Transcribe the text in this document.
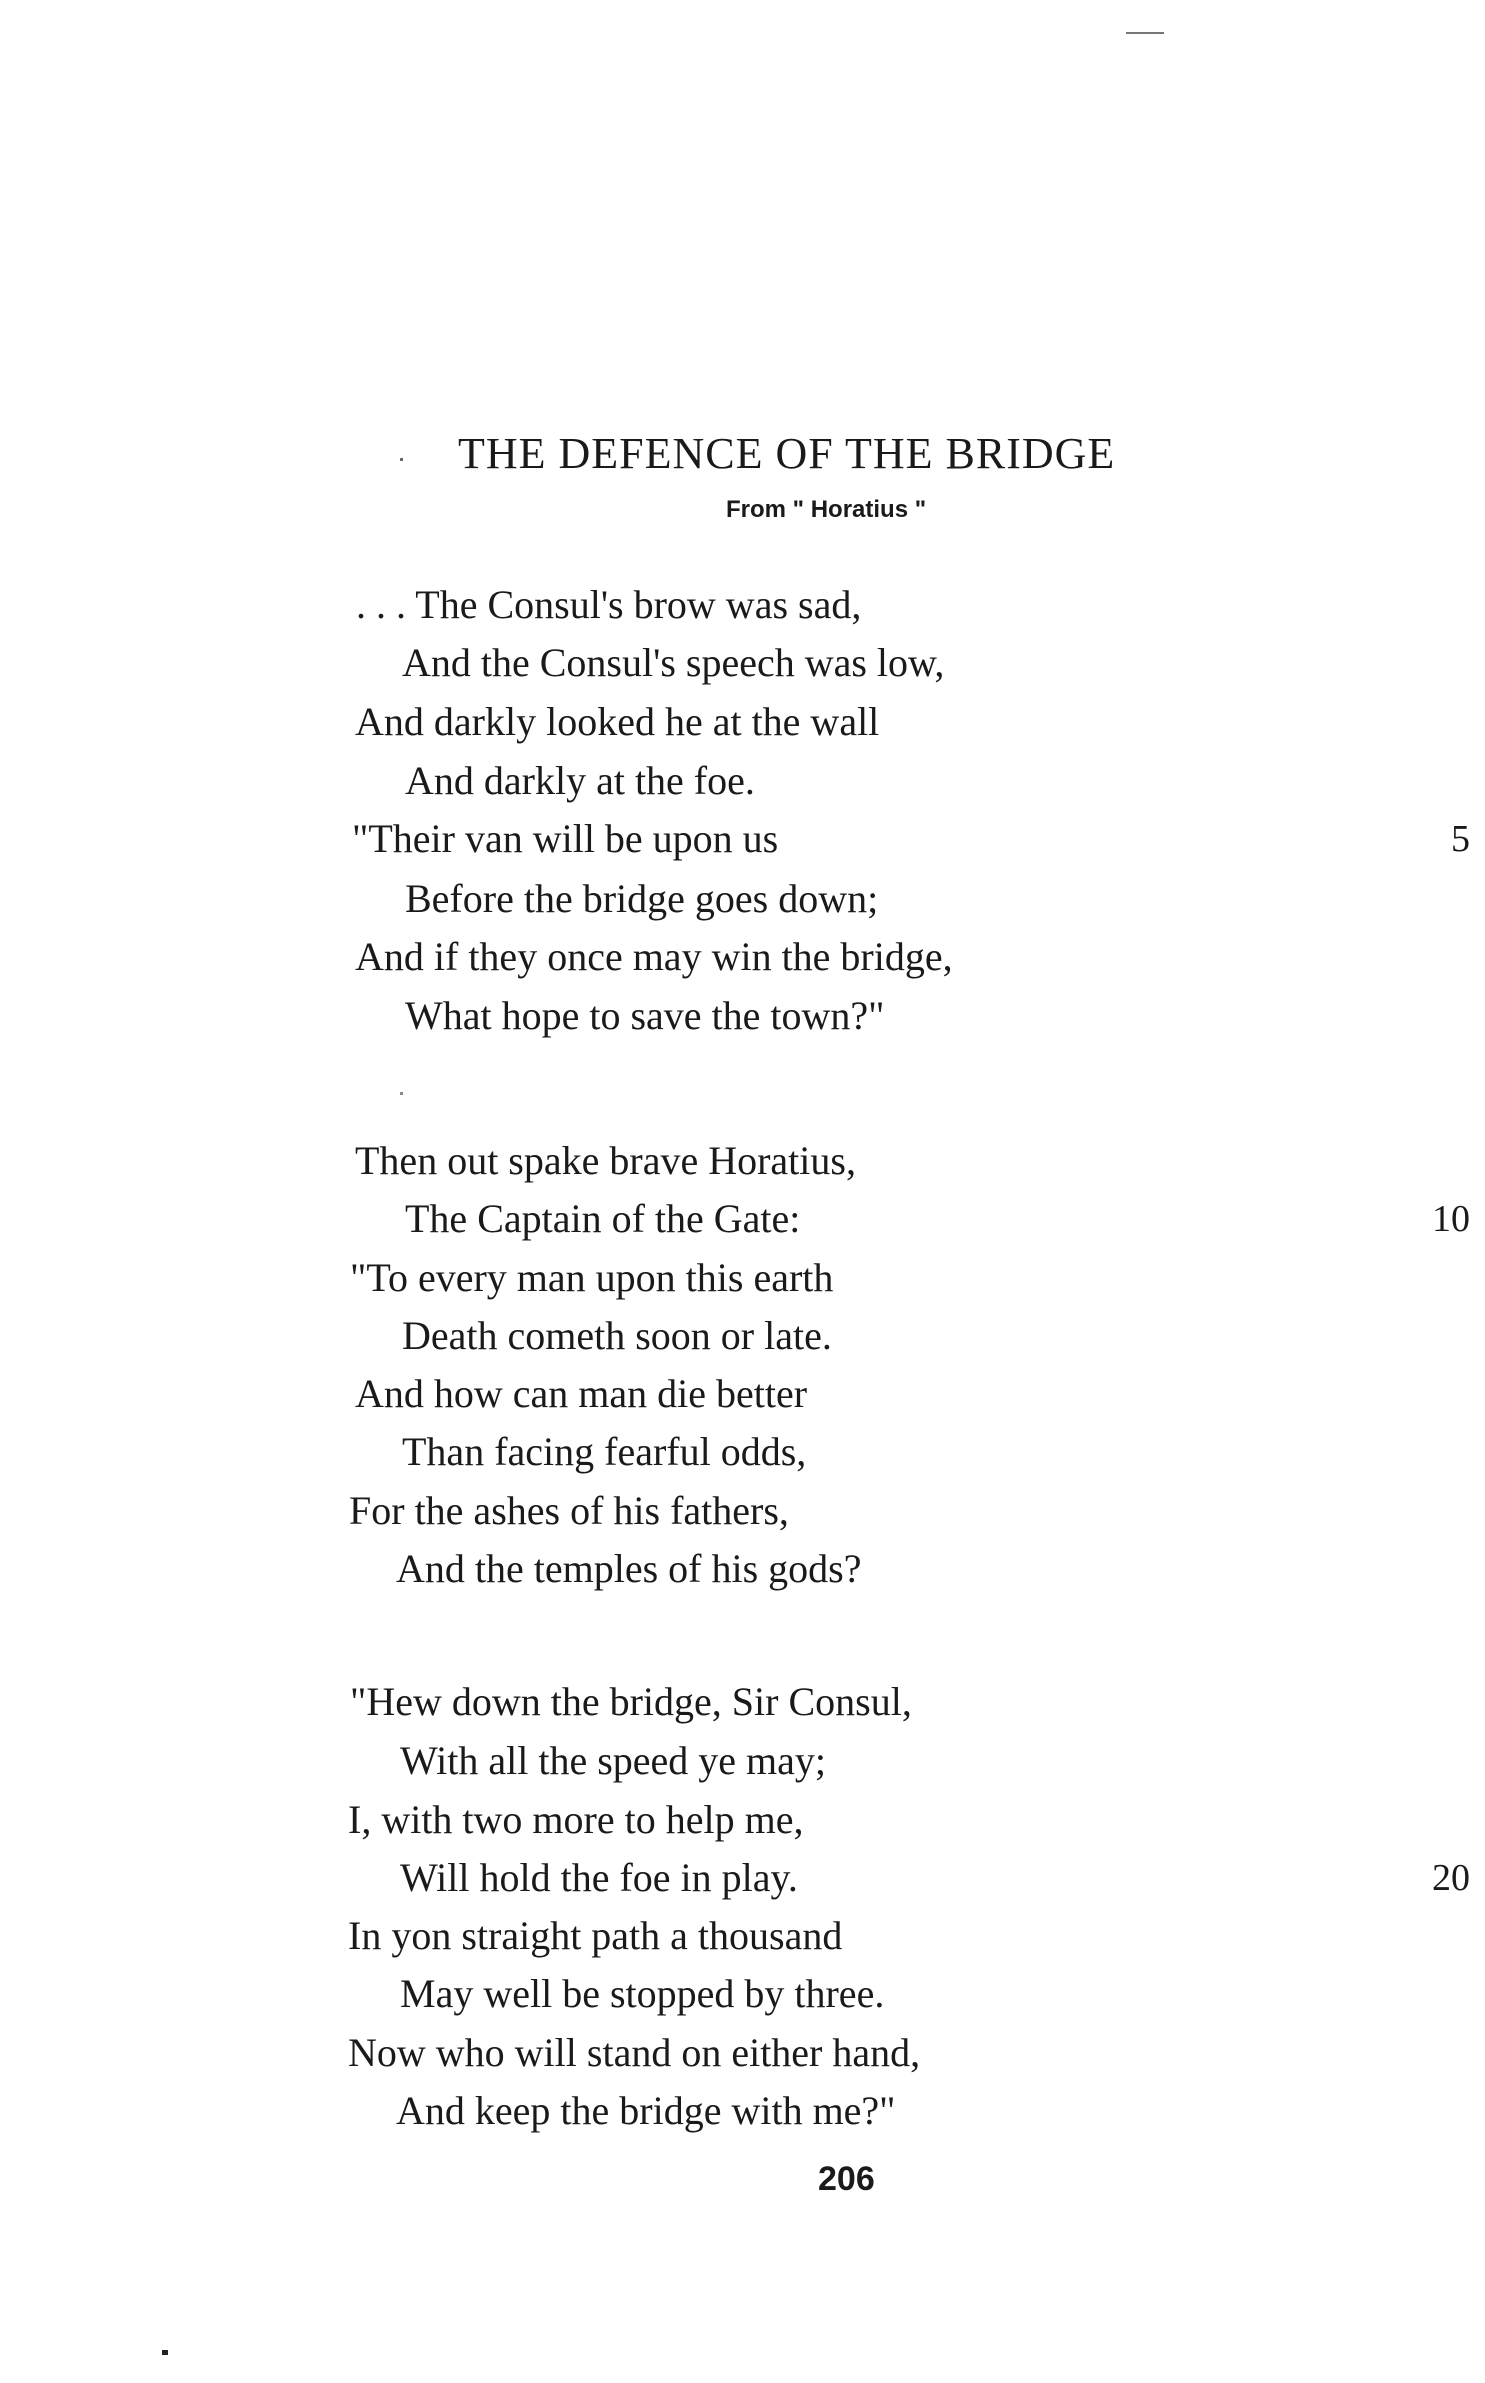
THE DEFENCE OF THE BRIDGE
From " Horatius "
. . . The Consul's brow was sad,
And the Consul's speech was low,
And darkly looked he at the wall
And darkly at the foe.
"Their van will be upon us
Before the bridge goes down;
And if they once may win the bridge,
What hope to save the town?"
Then out spake brave Horatius,
The Captain of the Gate:
"To every man upon this earth
Death cometh soon or late.
And how can man die better
Than facing fearful odds,
For the ashes of his fathers,
And the temples of his gods?
"Hew down the bridge, Sir Consul,
With all the speed ye may;
I, with two more to help me,
Will hold the foe in play.
In yon straight path a thousand
May well be stopped by three.
Now who will stand on either hand,
And keep the bridge with me?"
5
10
20
206
